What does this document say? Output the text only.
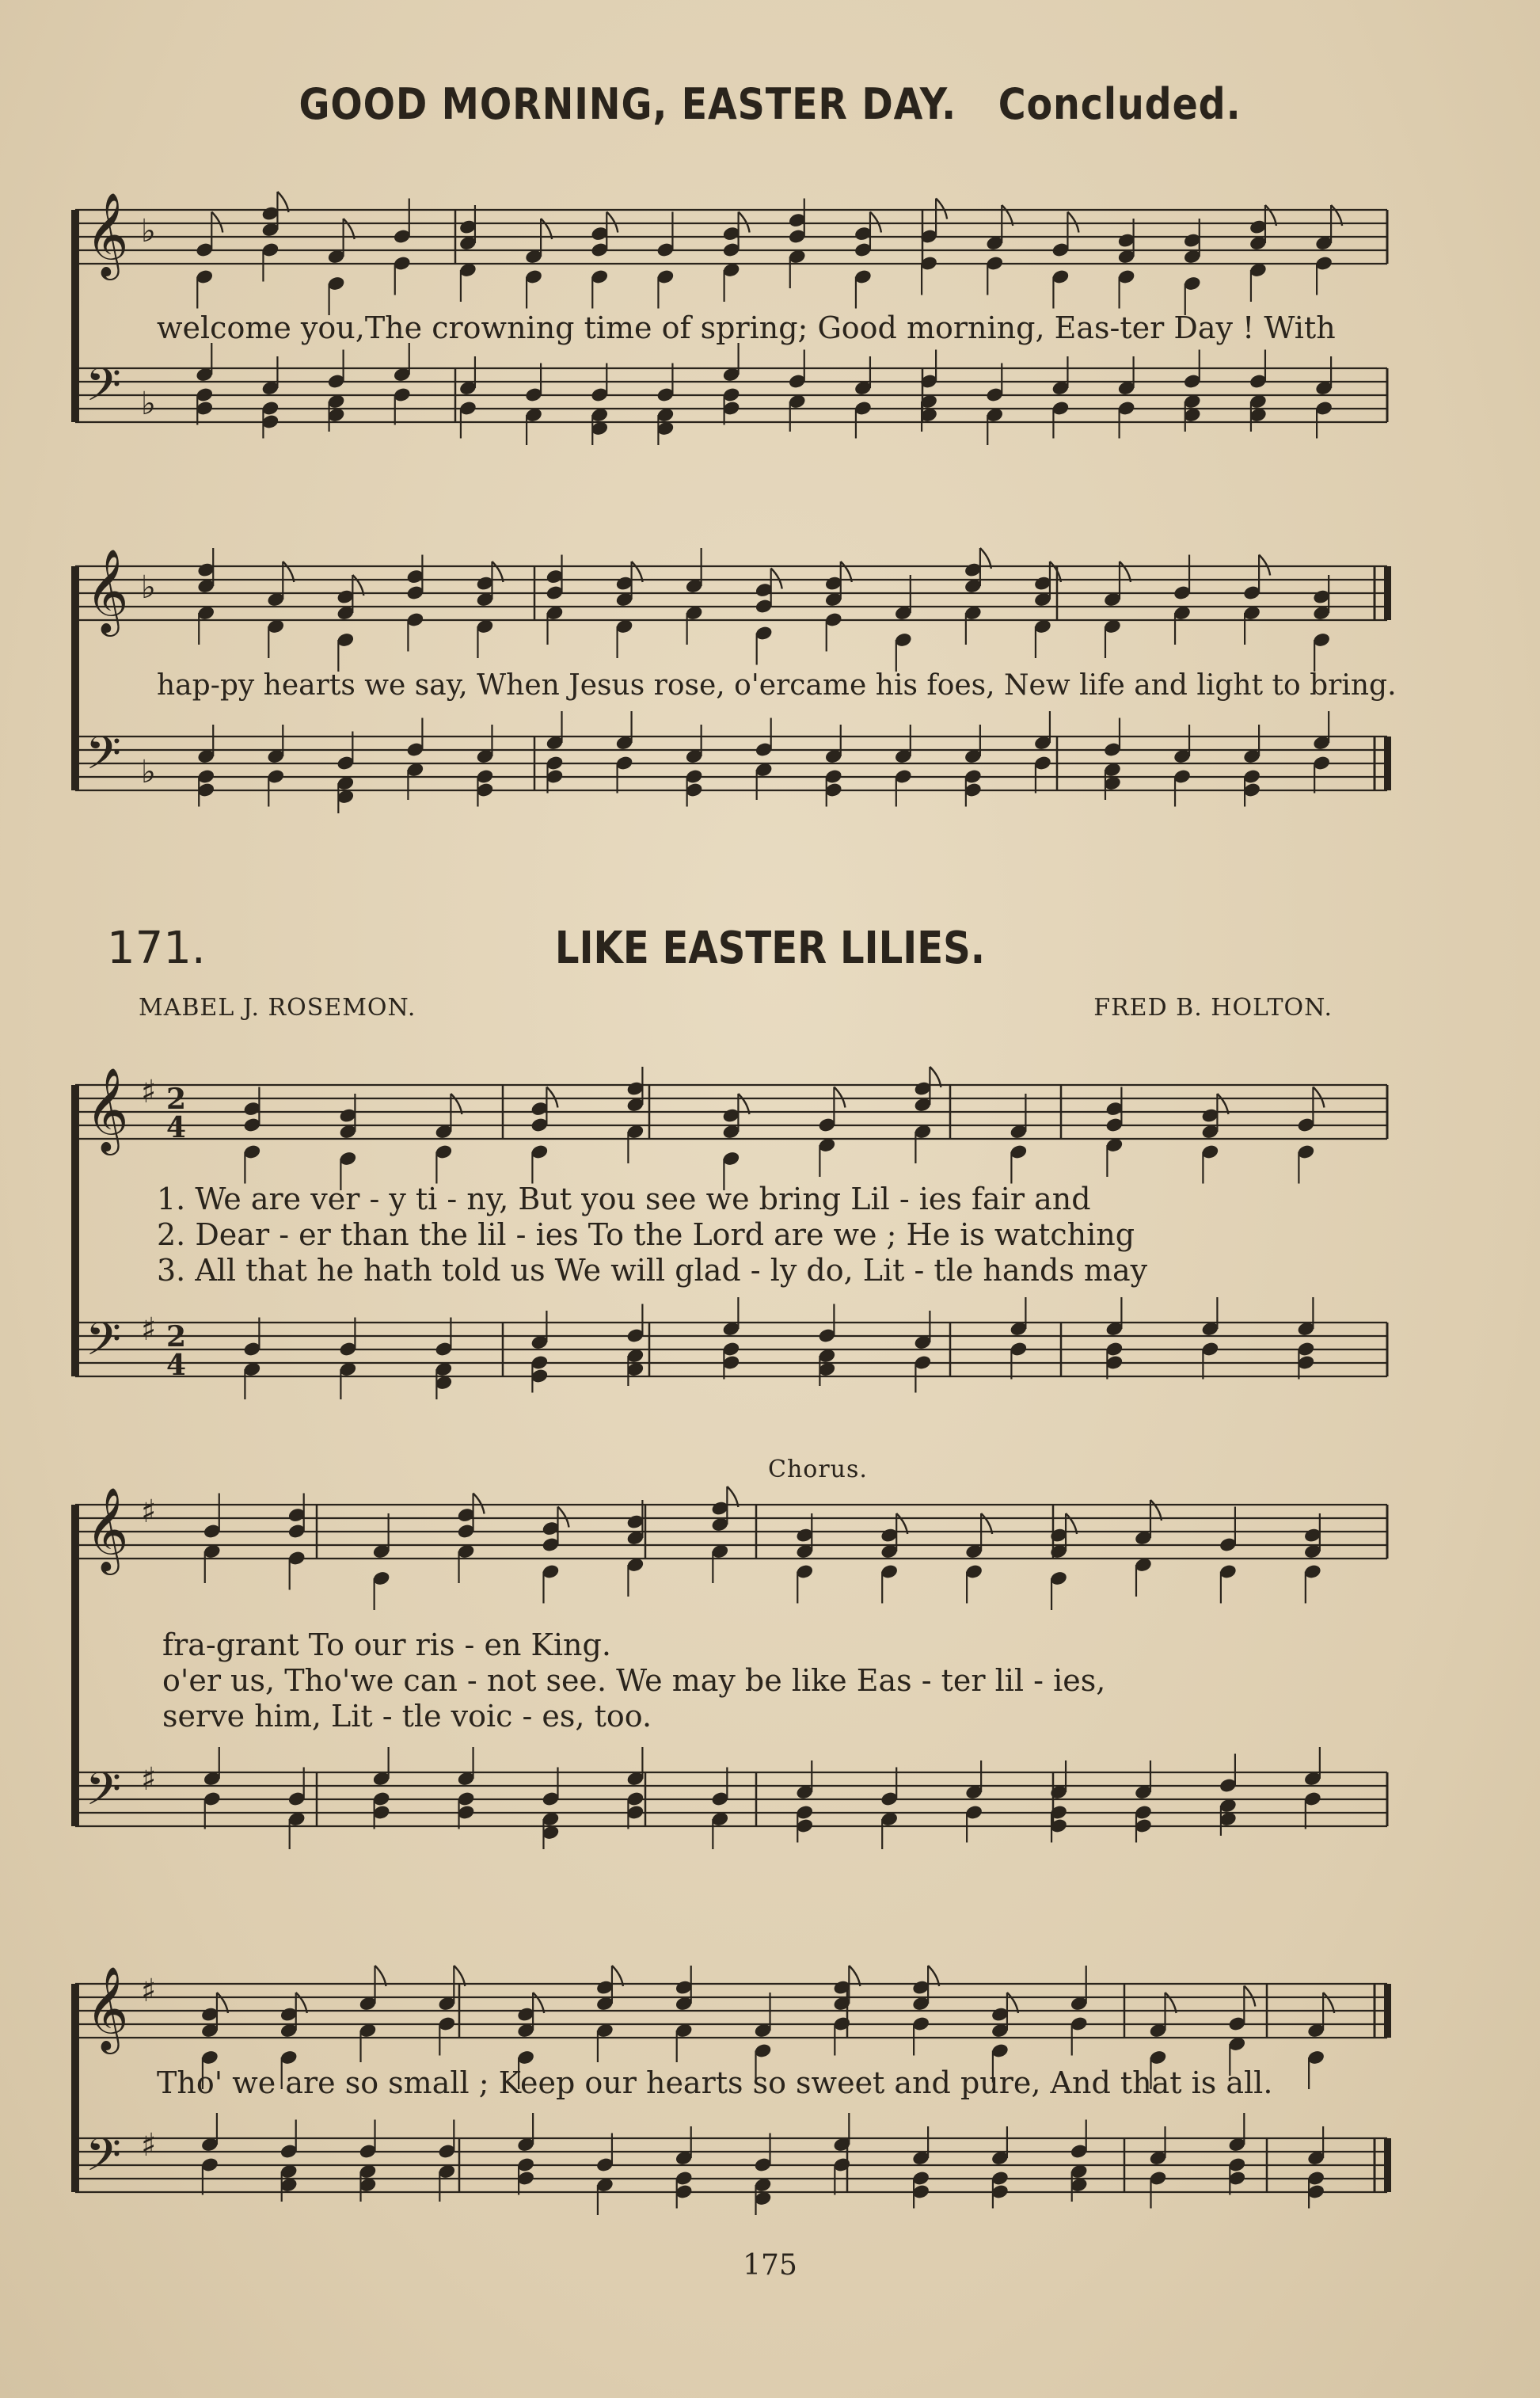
GOOD MORNING, EASTER DAY. Concluded.
𝄞
𝄢
♭
♭
welcome you,The crowning time of spring; Good morning, Eas-ter Day ! With
𝄞
𝄢
♭
♭
hap-py hearts we say, When Jesus rose, o'ercame his foes, New life and light to bring.
171.	LIKE EASTER LILIES.
MABEL J. ROSEMON.	FRED B. HOLTON.
𝄞
𝄢
♯
♯
2
4
2
4
1. We are ver - y ti - ny, But you see we bring Lil - ies fair and
2. Dear - er than the lil - ies To the Lord are we ; He is watching
3. All that he hath told us We will glad - ly do, Lit - tle hands may
Chorus.
𝄞
𝄢
♯
♯
fra-grant To our ris - en King.
o'er us, Tho'we can - not see. We may be like Eas - ter lil - ies,
serve him, Lit - tle voic - es, too.
𝄞
𝄢
♯
♯
Tho' we are so small ; Keep our hearts so sweet and pure, And that is all.
175
